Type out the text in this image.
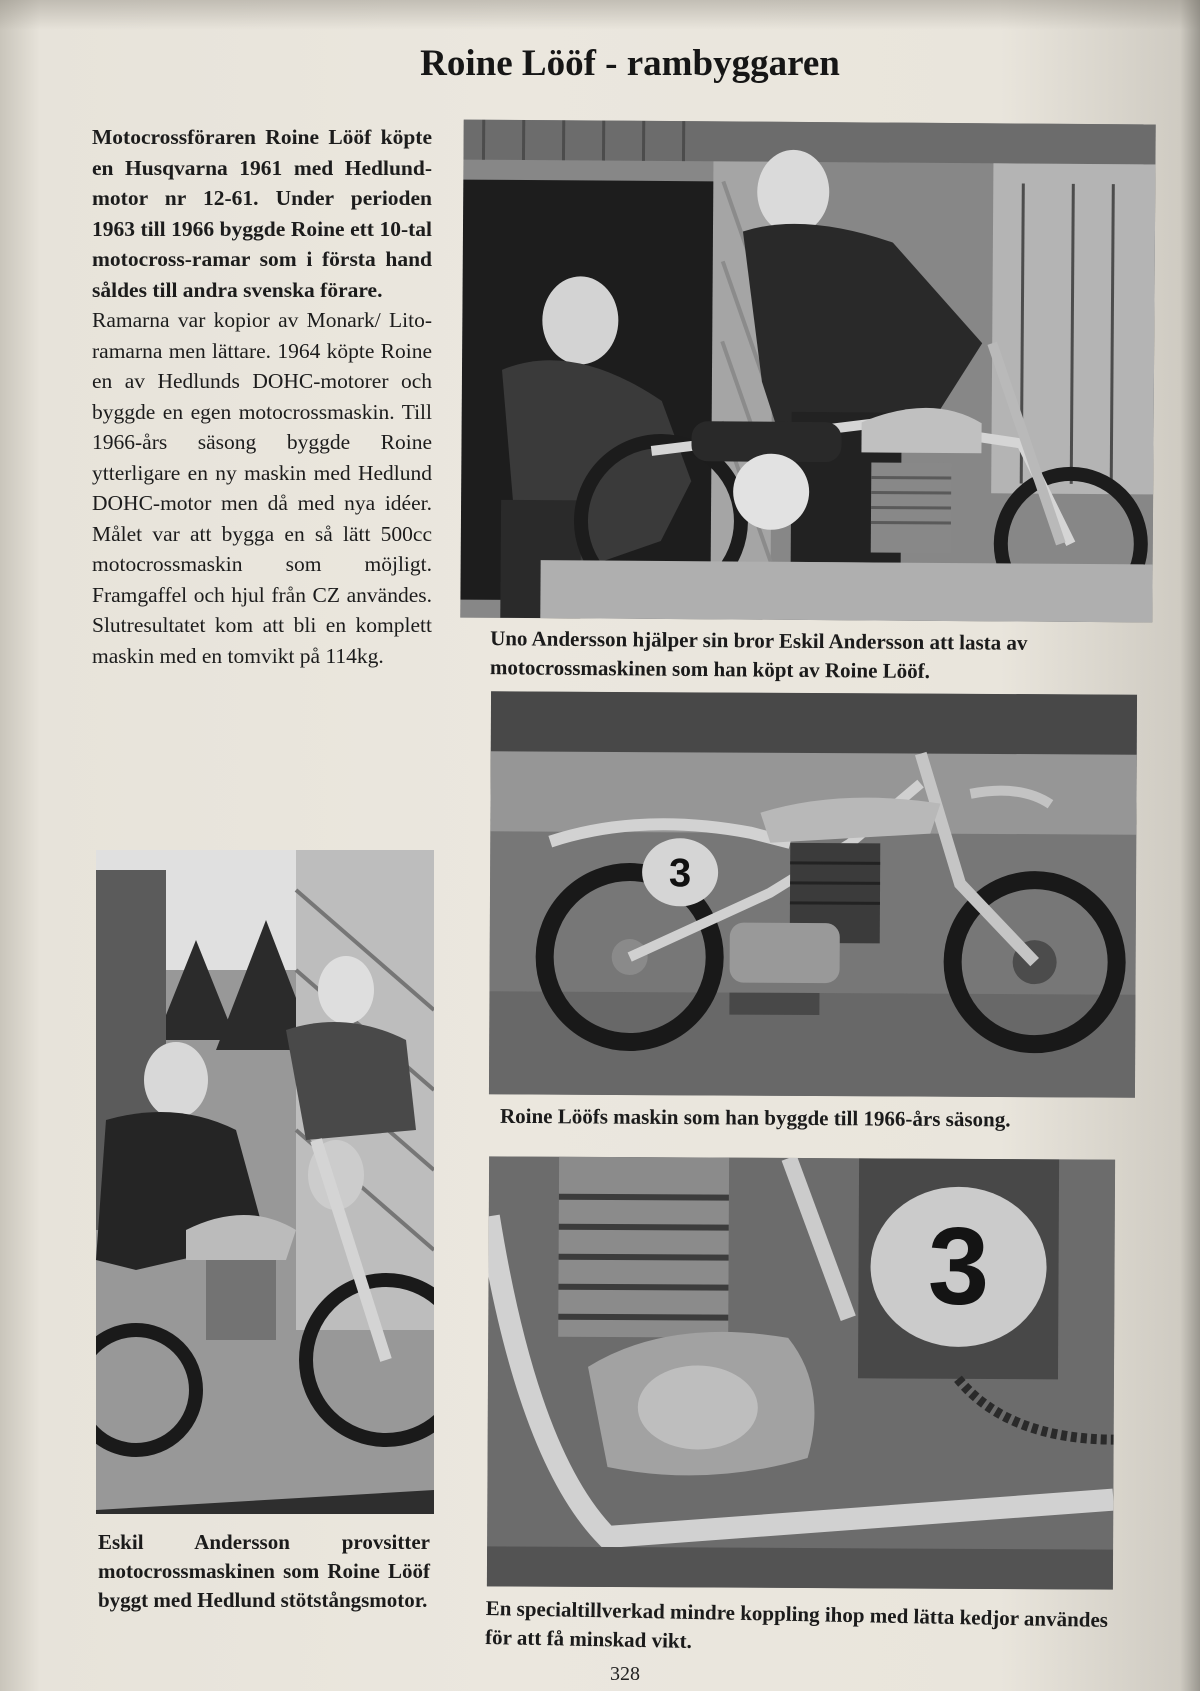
Roine Lööf - rambyggaren

Motocrossföraren Roine Lööf köpte en Husqvarna 1961 med Hedlund-motor nr 12-61. Under perioden 1963 till 1966 byggde Roine ett 10-tal motocross-ramar som i första hand såldes till andra svenska förare.

Ramarna var kopior av Monark/ Lito-ramarna men lättare. 1964 köpte Roine en av Hedlunds DOHC-motorer och byggde en egen motocrossmaskin. Till 1966-års säsong byggde Roine ytterligare en ny maskin med Hedlund DOHC-motor men då med nya idéer. Målet var att bygga en så lätt 500cc motocrossmaskin som möjligt. Framgaffel och hjul från CZ användes. Slutresultatet kom att bli en komplett maskin med en tomvikt på 114kg.

Uno Andersson hjälper sin bror Eskil Andersson att lasta av motocrossmaskinen som han köpt av Roine Lööf.
3
Roine Lööfs maskin som han byggde till 1966-års säsong.
Eskil Andersson provsitter motocrossmaskinen som Roine Lööf byggt med Hedlund stötstångsmotor.
3
En specialtillverkad mindre koppling ihop med lätta kedjor användes för att få minskad vikt.
328
